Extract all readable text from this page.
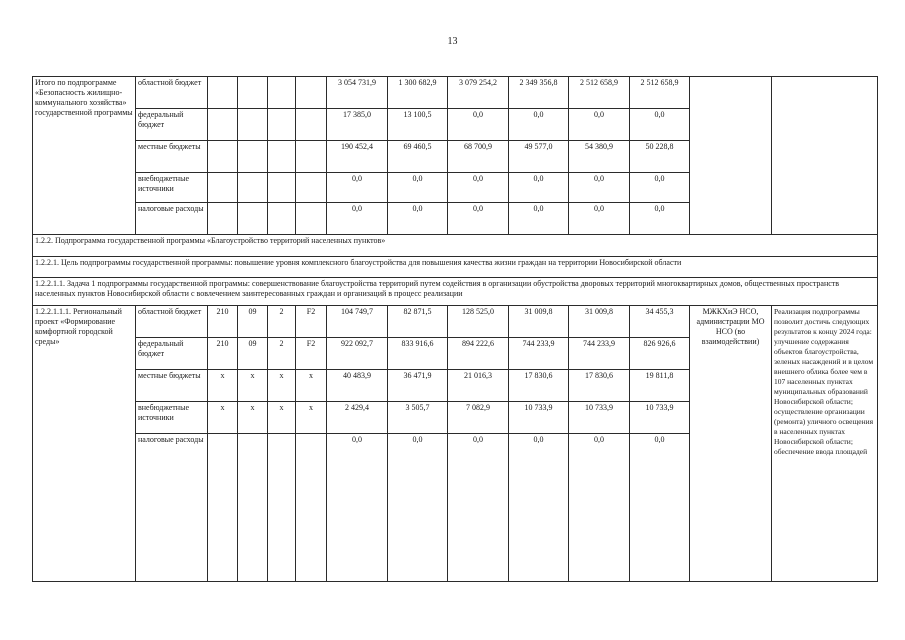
13
Итого по подпрограмме «Безопасность жилищно-коммунального хозяйства» государственной программы	областной бюджет					3 054 731,9	1 300 682,9	3 079 254,2	2 349 356,8	2 512 658,9	2 512 658,9		
	федеральный бюджет					17 385,0	13 100,5	0,0	0,0	0,0	0,0		
	местные бюджеты					190 452,4	69 460,5	68 700,9	49 577,0	54 380,9	50 228,8		
	внебюджетные источники					0,0	0,0	0,0	0,0	0,0	0,0		
	налоговые расходы					0,0	0,0	0,0	0,0	0,0	0,0		
1.2.2. Подпрограмма государственной программы «Благоустройство территорий населенных пунктов»													
1.2.2.1. Цель подпрограммы государственной программы: повышение уровня комплексного благоустройства для повышения качества жизни граждан на территории Новосибирской области													
1.2.2.1.1. Задача 1 подпрограммы государственной программы: совершенствование благоустройства территорий путем содействия в организации обустройства дворовых территорий многоквартирных домов, общественных пространств населенных пунктов Новосибирской области с вовлечением заинтересованных граждан и организаций в процесс реализации													
1.2.2.1.1.1. Региональный проект «Формирование комфортной городской среды»	областной бюджет	210	09	2	F2	104 749,7	82 871,5	128 525,0	31 009,8	31 009,8	34 455,3	МЖКХиЭ НСО, администрации МО НСО (во взаимодействии)	Реализация подпрограммы позволит достичь следующих результатов к концу 2024 года: улучшение содержания объектов благоустройства, зеленых насаждений и в целом внешнего облика более чем в 107 населенных пунктах муниципальных образований Новосибирской области; осуществление организации (ремонта) уличного освещения в населенных пунктах Новосибирской области; обеспечение ввода площадей
	федеральный бюджет	210	09	2	F2	922 092,7	833 916,6	894 222,6	744 233,9	744 233,9	826 926,6		
	местные бюджеты	x	x	x	x	40 483,9	36 471,9	21 016,3	17 830,6	17 830,6	19 811,8		
	внебюджетные источники	x	x	x	x	2 429,4	3 505,7	7 082,9	10 733,9	10 733,9	10 733,9		
	налоговые расходы					0,0	0,0	0,0	0,0	0,0	0,0		
